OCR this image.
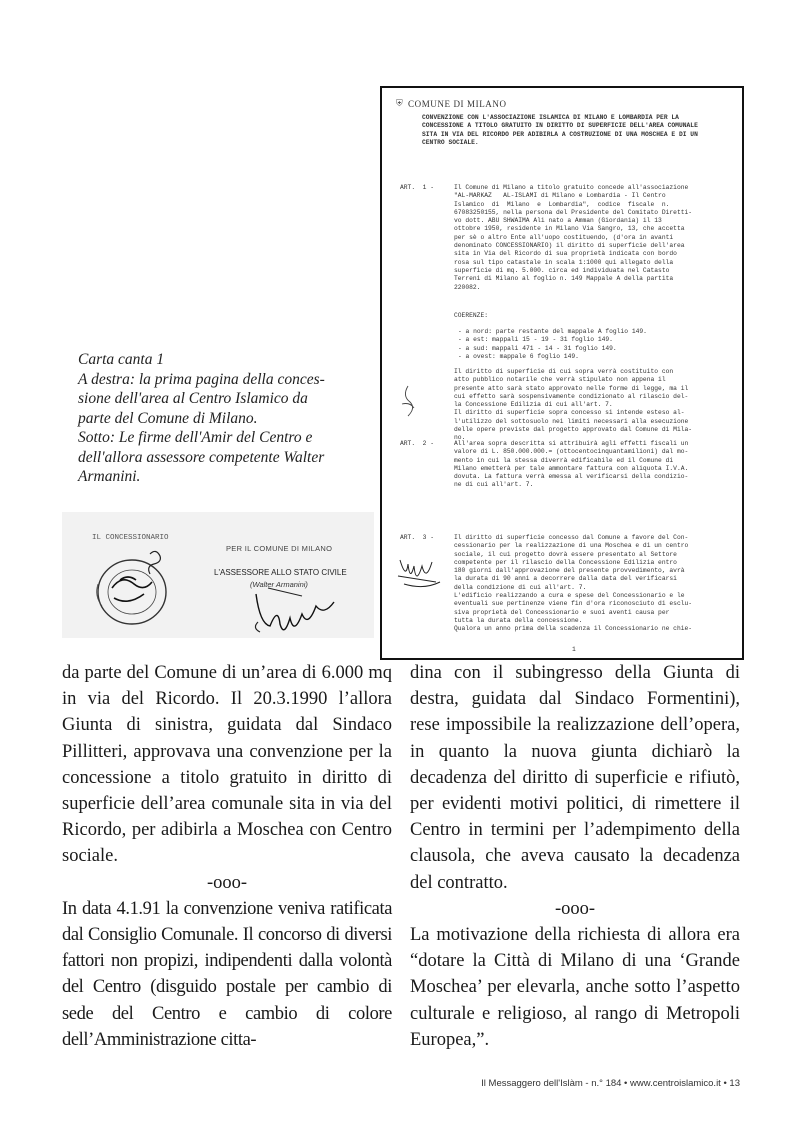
Carta canta 1
A destra: la prima pagina della conces-
sione dell'area al Centro Islamico da
parte del Comune di Milano.
Sotto: Le firme dell'Amir del Centro e
dell'allora assessore competente Walter
Armanini.
IL CONCESSIONARIO
PER IL COMUNE DI MILANO
L'ASSESSORE ALLO STATO CIVILE
(Walter Armanini)
⛨ COMUNE DI MILANO
CONVENZIONE CON L'ASSOCIAZIONE ISLAMICA DI MILANO E LOMBARDIA PER LA
CONCESSIONE A TITOLO GRATUITO IN DIRITTO DI SUPERFICIE DELL'AREA COMUNALE
SITA IN VIA DEL RICORDO PER ADIBIRLA A COSTRUZIONE DI UNA MOSCHEA E DI UN
CENTRO SOCIALE.
ART.  1 -	Il Comune di Milano a titolo gratuito concede all'associazione
"AL-MARKAZ   AL-ISLAMI di Milano e Lombardia - Il Centro
Islamico  di  Milano  e  Lombardia",  codice  fiscale  n.
67083250155, nella persona del Presidente del Comitato Diretti-
vo dott. ABU SHWAIMA Ali nato a Amman (Giordania) il 13
ottobre 1950, residente in Milano Via Sangro, 13, che accetta
per sè o altro Ente all'uopo costituendo, (d'ora in avanti
denominato CONCESSIONARIO) il diritto di superficie dell'area
sita in Via del Ricordo di sua proprietà indicata con bordo
rosa sul tipo catastale in scala 1:1000 qui allegato della
superficie di mq. 5.000. circa ed individuata nel Catasto
Terreni di Milano al foglio n. 149 Mappale A della partita
220082.
COERENZE:
- a nord: parte restante del mappale A foglio 149.
- a est: mappali 15 - 19 - 31 foglio 149.
- a sud: mappali 471 - 14 - 31 foglio 149.
- a ovest: mappale 6 foglio 149.
Il diritto di superficie di cui sopra verrà costituito con
atto pubblico notarile che verrà stipulato non appena il
presente atto sarà stato approvato nelle forme di legge, ma il
cui effetto sarà sospensivamente condizionato al rilascio del-
la Concessione Edilizia di cui all'art. 7.
Il diritto di superficie sopra concesso si intende esteso al-
l'utilizzo del sottosuolo nei limiti necessari alla esecuzione
delle opere previste dal progetto approvato dal Comune di Mila-
no.
ART.  2 -	All'area sopra descritta si attribuirà agli effetti fiscali un
valore di L. 850.000.000.= (ottocentocinquantamilioni) dal mo-
mento in cui la stessa diverrà edificabile ed il Comune di
Milano emetterà per tale ammontare fattura con aliquota I.V.A.
dovuta. La fattura verrà emessa al verificarsi della condizio-
ne di cui all'art. 7.
ART.  3 -	Il diritto di superficie concesso dal Comune a favore del Con-
cessionario per la realizzazione di una Moschea e di un centro
sociale, il cui progetto dovrà essere presentato al Settore
competente per il rilascio della Concessione Edilizia entro
180 giorni dall'approvazione del presente provvedimento, avrà
la durata di 90 anni a decorrere dalla data del verificarsi
della condizione di cui all'art. 7.
L'edificio realizzando a cura e spese del Concessionario e le
eventuali sue pertinenze viene fin d'ora riconosciuto di esclu-
siva proprietà del Concessionario e suoi aventi causa per
tutta la durata della concessione.
Qualora un anno prima della scadenza il Concessionario ne chie-
1

da parte del Comune di un’area di 6.000 mq in via del Ricordo. Il 20.3.1990 l’allora Giunta di sinistra, guidata dal Sindaco Pillitteri, approvava una convenzione per la concessione a titolo gratuito in diritto di superficie dell’area comunale sita in via del Ricordo, per adibirla a Moschea con Centro sociale.

-ooo-

In data 4.1.91 la convenzione veniva ratificata dal Consiglio Comunale. Il concorso di diversi fattori non propizi, indipendenti dalla volontà del Centro (disguido postale per cambio di sede del Centro e cambio di colore dell’Amministrazione citta-

dina con il subingresso della Giunta di destra, guidata dal Sindaco Formentini), rese impossibile la realizzazione dell’opera, in quanto la nuova giunta dichiarò la decadenza del diritto di superficie e rifiutò, per evidenti motivi politici, di rimettere il Centro in termini per l’adempimento della clausola, che aveva causato la decadenza del contratto.

-ooo-

La motivazione della richiesta di allora era “dotare la Città di Milano di una ‘Grande Moschea’ per elevarla, anche sotto l’aspetto culturale e religioso, al rango di Metropoli Europea,”.

Il Messaggero dell'Islàm - n.° 184 • www.centroislamico.it • 13
